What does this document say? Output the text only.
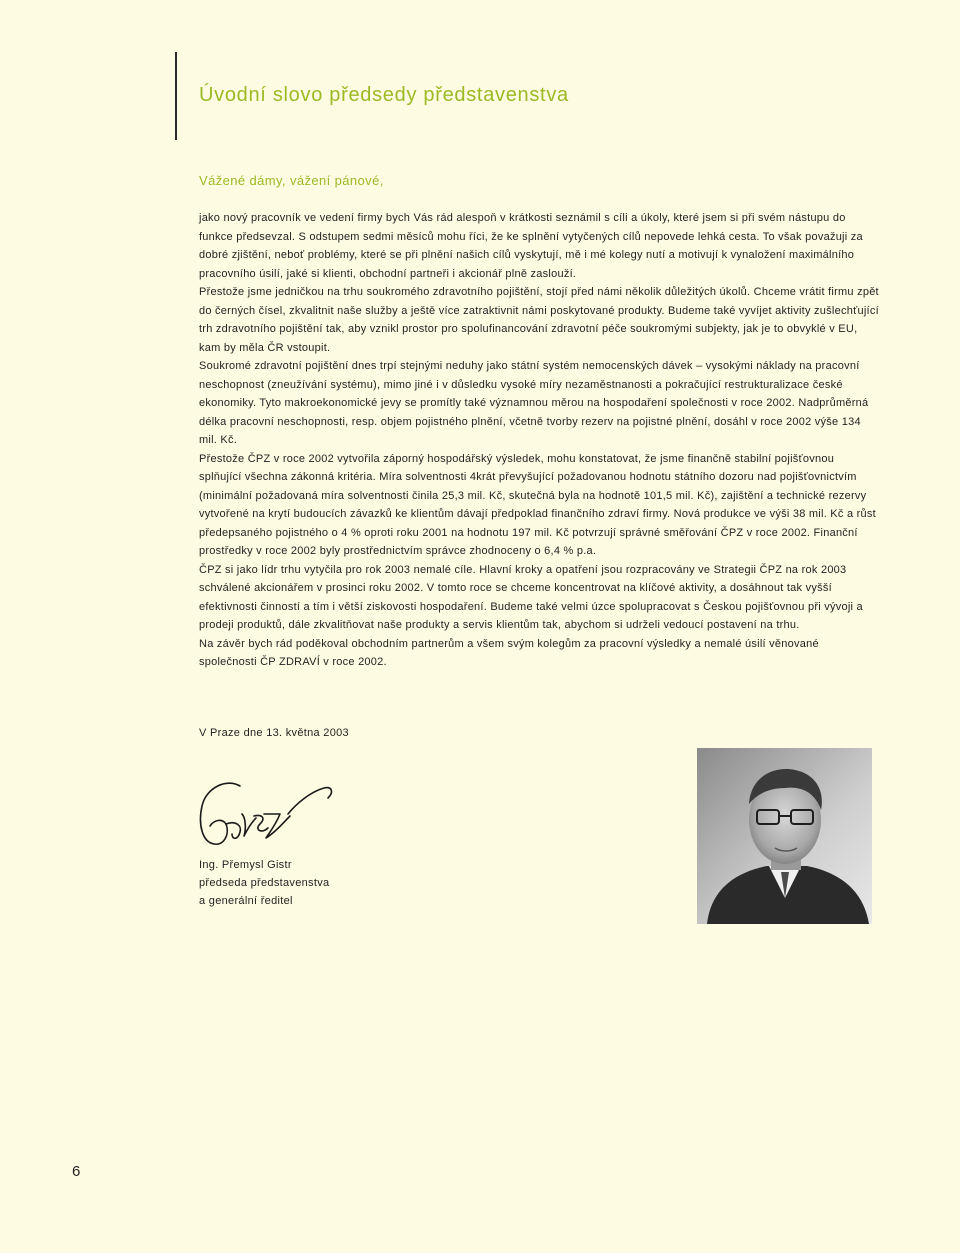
Úvodní slovo předsedy představenstva
Vážené dámy, vážení pánové,

jako nový pracovník ve vedení firmy bych Vás rád alespoň v krátkosti seznámil s cíli a úkoly, které jsem si při svém nástupu do funkce předsevzal. S odstupem sedmi měsíců mohu říci, že ke splnění vytyčených cílů nepovede lehká cesta. To však považuji za dobré zjištění, neboť problémy, které se při plnění našich cílů vyskytují, mě i mé kolegy nutí a motivují k vynaložení maximálního pracovního úsilí, jaké si klienti, obchodní partneři i akcionář plně zaslouží.

Přestože jsme jedničkou na trhu soukromého zdravotního pojištění, stojí před námi několik důležitých úkolů. Chceme vrátit firmu zpět do černých čísel, zkvalitnit naše služby a ještě více zatraktivnit námi poskytované produkty. Budeme také vyvíjet aktivity zušlechťující trh zdravotního pojištění tak, aby vznikl prostor pro spolufinancování zdravotní péče soukromými subjekty, jak je to obvyklé v EU, kam by měla ČR vstoupit.

Soukromé zdravotní pojištění dnes trpí stejnými neduhy jako státní systém nemocenských dávek – vysokými náklady na pracovní neschopnost (zneužívání systému), mimo jiné i v důsledku vysoké míry nezaměstnanosti a pokračující restrukturalizace české ekonomiky. Tyto makroekonomické jevy se promítly také významnou měrou na hospodaření společnosti v roce 2002. Nadprůměrná délka pracovní neschopnosti, resp. objem pojistného plnění, včetně tvorby rezerv na pojistné plnění, dosáhl v roce 2002 výše 134 mil. Kč.

Přestože ČPZ v roce 2002 vytvořila záporný hospodářský výsledek, mohu konstatovat, že jsme finančně stabilní pojišťovnou splňující všechna zákonná kritéria. Míra solventnosti 4krát převyšující požadovanou hodnotu státního dozoru nad pojišťovnictvím (minimální požadovaná míra solventnosti činila 25,3 mil. Kč, skutečná byla na hodnotě 101,5 mil. Kč), zajištění a technické rezervy vytvořené na krytí budoucích závazků ke klientům dávají předpoklad finančního zdraví firmy. Nová produkce ve výši 38 mil. Kč a růst předepsaného pojistného o 4 % oproti roku 2001 na hodnotu 197 mil. Kč potvrzují správné směřování ČPZ v roce 2002. Finanční prostředky v roce 2002 byly prostřednictvím správce zhodnoceny o 6,4 % p.a.

ČPZ si jako lídr trhu vytyčila pro rok 2003 nemalé cíle. Hlavní kroky a opatření jsou rozpracovány ve Strategii ČPZ na rok 2003 schválené akcionářem v prosinci roku 2002. V tomto roce se chceme koncentrovat na klíčové aktivity, a dosáhnout tak vyšší efektivnosti činností a tím i větší ziskovosti hospodaření. Budeme také velmi úzce spolupracovat s Českou pojišťovnou při vývoji a prodeji produktů, dále zkvalitňovat naše produkty a servis klientům tak, abychom si udrželi vedoucí postavení na trhu.

Na závěr bych rád poděkoval obchodním partnerům a všem svým kolegům za pracovní výsledky a nemalé úsilí věnované společnosti ČP ZDRAVÍ v roce 2002.

V Praze dne 13. května 2003
Ing. Přemysl Gistr
předseda představenstva
a generální ředitel
6
